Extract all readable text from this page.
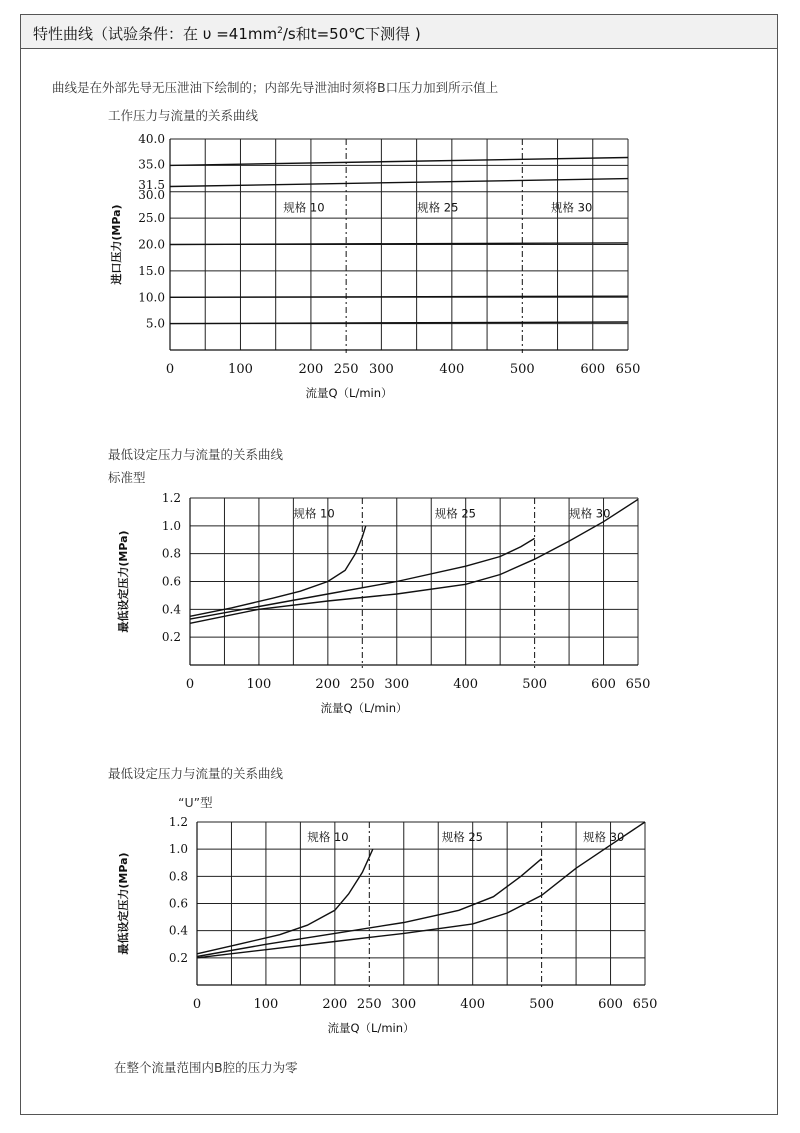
特性曲线（试验条件：在 $\upsilon =41mm^2/s$和t=50℃下测得 )
曲线是在外部先导无压泄油下绘制的；内部先导泄油时须将B口压力加到所示值上
工作压力与流量的关系曲线
最低设定压力与流量的关系曲线
标准型
最低设定压力与流量的关系曲线
“U”型
在整个流量范围内B腔的压力为零
5.0
10.0
15.0
20.0
25.0
30.0
31.5
35.0
40.0
0	100	200 250 300	400	500	600 650
流量Q（L/min）
进口压力(MPa)	规格 10	规格 25	规格 30
0.2
0.4
0.6
0.8
1.0
1.2
0	100	200 250 300	400	500	600 650
流量Q（L/min）
最低设定压力(MPa)
规格 10	规格 25	规格 30
0.2
0.4
0.6
0.8
1.0
1.2
0	100	200 250 300	400	500	600 650
流量Q（L/min）
最低设定压力(MPa)
规格 10	规格 25	规格 30
